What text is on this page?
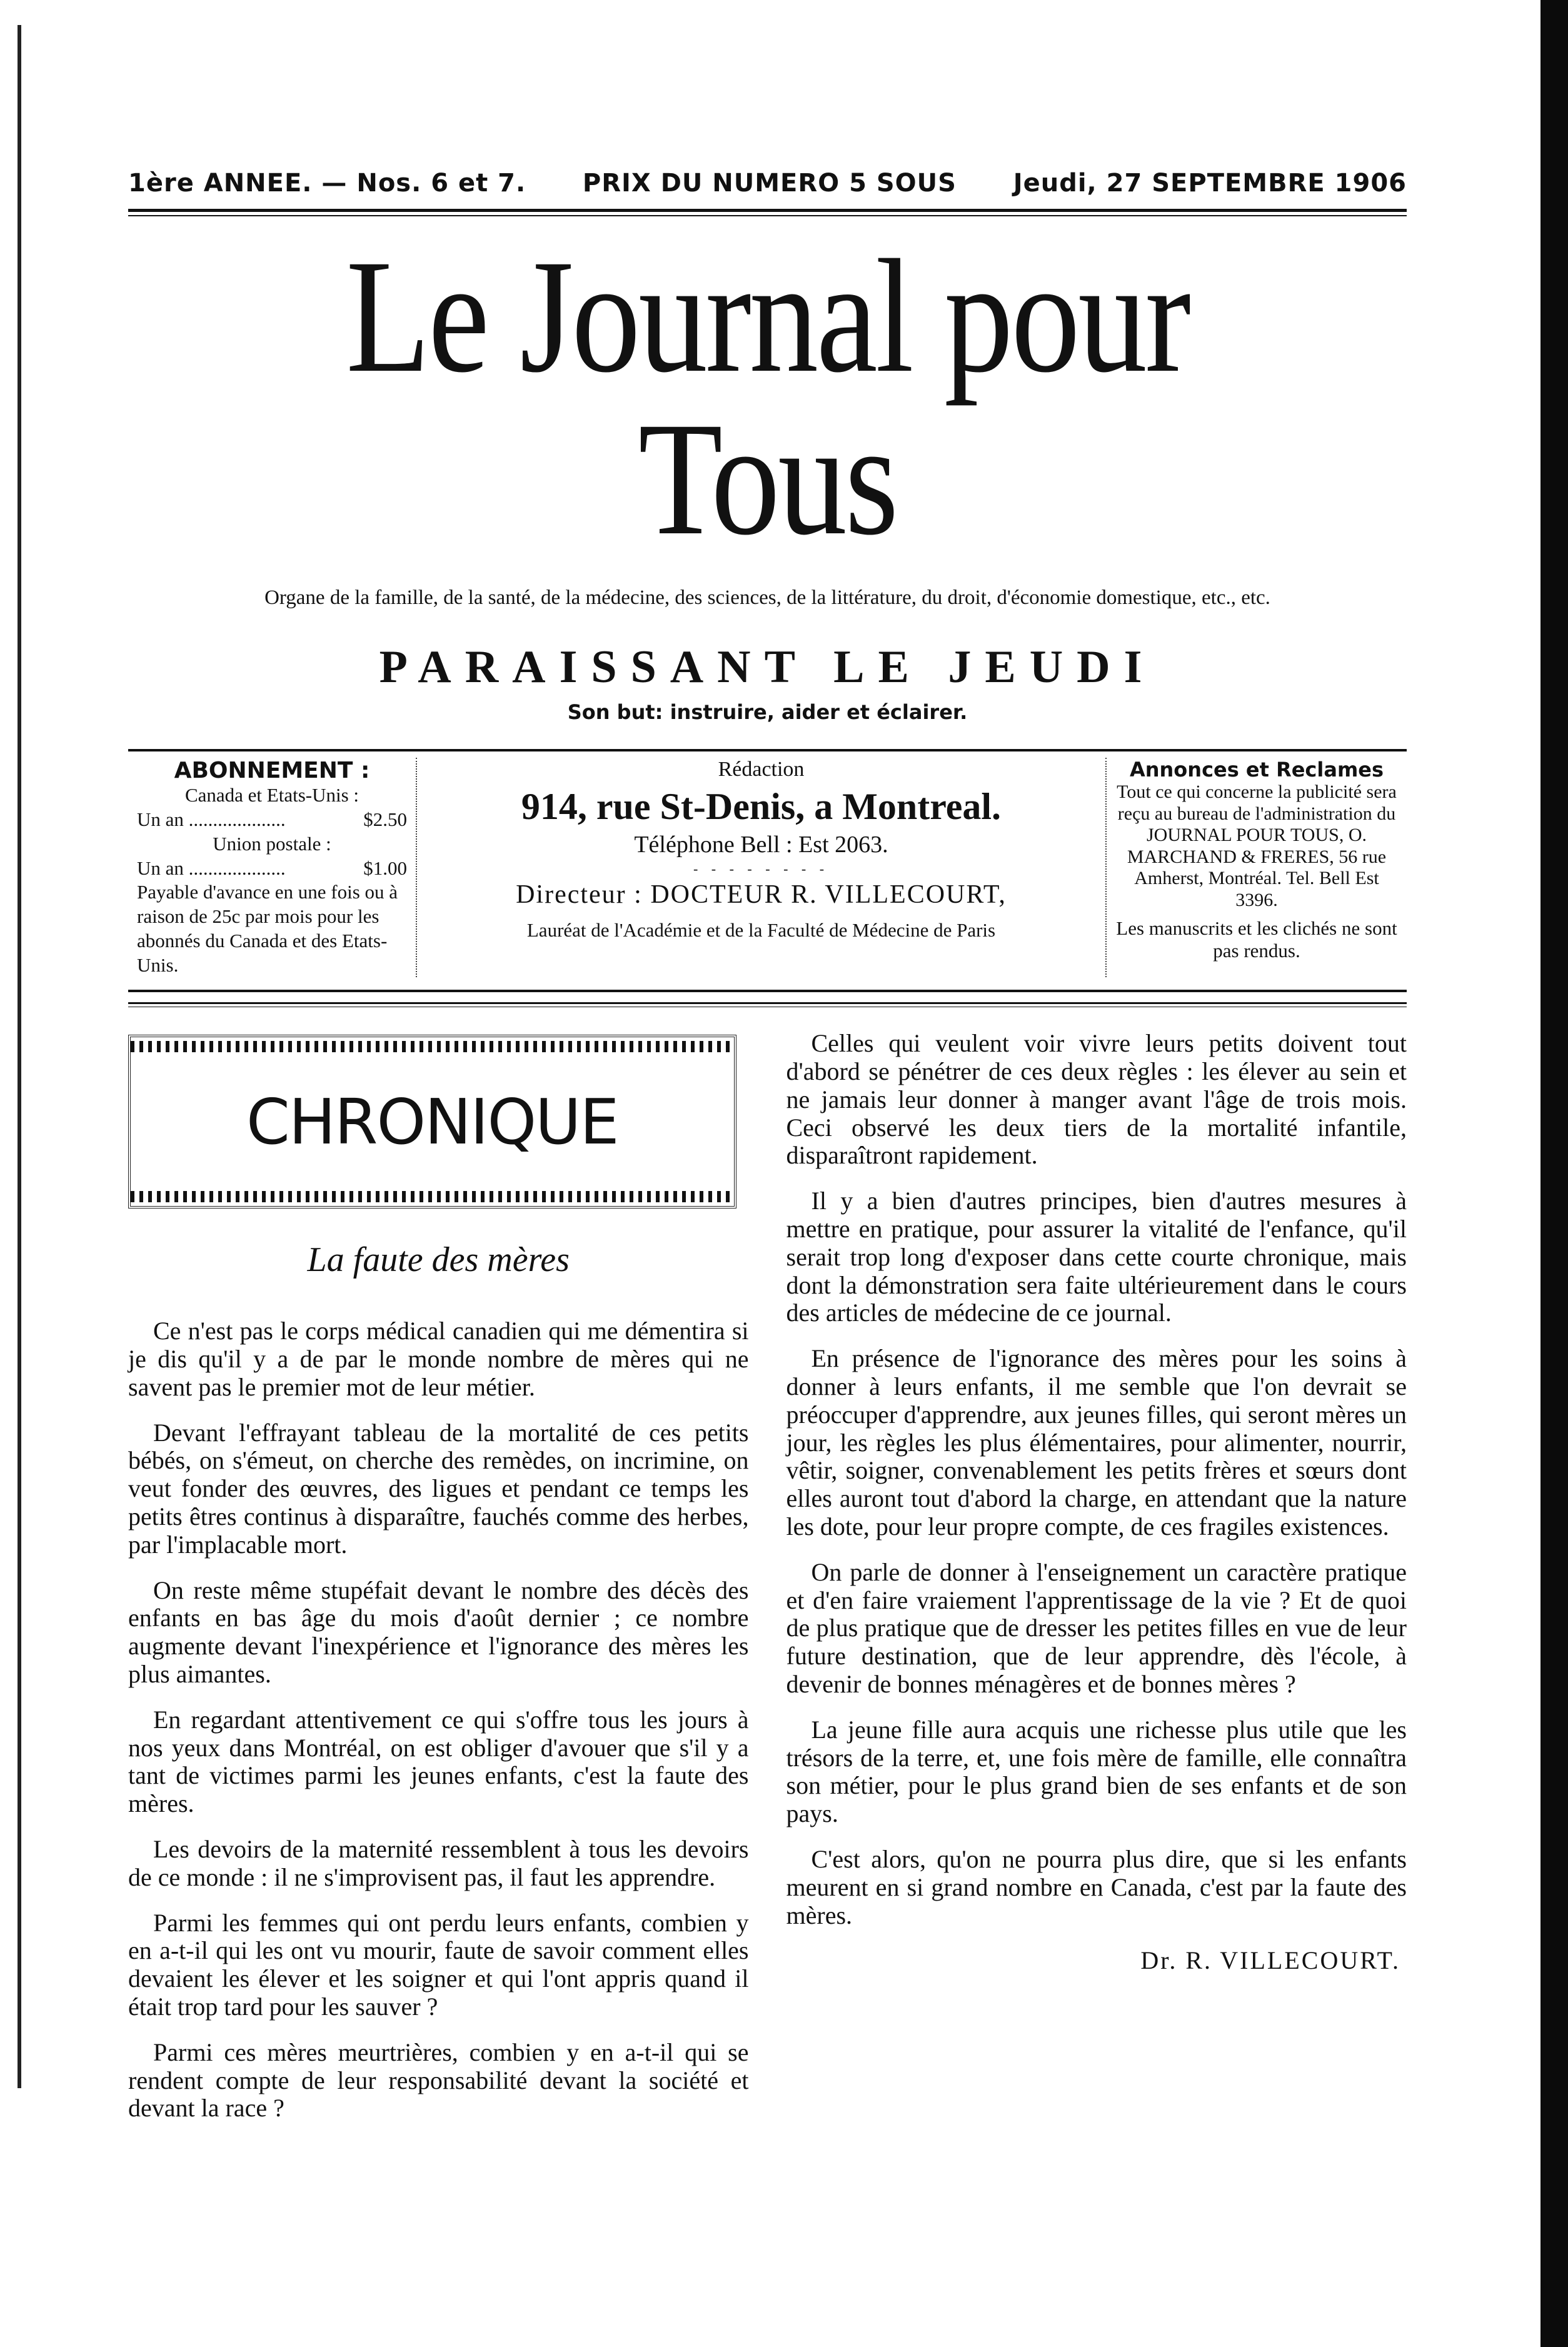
1ère ANNEE. — Nos. 6 et 7. PRIX DU NUMERO 5 SOUS Jeudi, 27 SEPTEMBRE 1906
Le Journal pour Tous
Organe de la famille, de la santé, de la médecine, des sciences, de la littérature, du droit, d'économie domestique, etc., etc.
PARAISSANT LE JEUDI
Son but: instruire, aider et éclairer.
ABONNEMENT :
Canada et Etats-Unis :
Un an ....................	$2.50
Union postale :
Un an ....................	$1.00
Payable d'avance en une fois ou à raison de 25c par mois pour les abonnés du Canada et des Etats-Unis.
Rédaction
914, rue St-Denis, a Montreal.
Téléphone Bell : Est 2063.
- - - - - - - -
Directeur : DOCTEUR R. VILLECOURT,
Lauréat de l'Académie et de la Faculté de Médecine de Paris
Annonces et Reclames
Tout ce qui concerne la publicité sera reçu au bureau de l'administration du JOURNAL POUR TOUS, O. MARCHAND & FRERES, 56 rue Amherst, Montréal. Tel. Bell Est 3396.
Les manuscrits et les clichés ne sont pas rendus.
CHRONIQUE
La faute des mères

Ce n'est pas le corps médical canadien qui me démentira si je dis qu'il y a de par le monde nombre de mères qui ne savent pas le premier mot de leur métier.

Devant l'effrayant tableau de la mortalité de ces petits bébés, on s'émeut, on cherche des remèdes, on incrimine, on veut fonder des œuvres, des ligues et pendant ce temps les petits êtres continus à disparaître, fauchés comme des herbes, par l'implacable mort.

On reste même stupéfait devant le nombre des décès des enfants en bas âge du mois d'août dernier ; ce nombre augmente devant l'inexpérience et l'ignorance des mères les plus aimantes.

En regardant attentivement ce qui s'offre tous les jours à nos yeux dans Montréal, on est obliger d'avouer que s'il y a tant de victimes parmi les jeunes enfants, c'est la faute des mères.

Les devoirs de la maternité ressemblent à tous les devoirs de ce monde : il ne s'improvisent pas, il faut les apprendre.

Parmi les femmes qui ont perdu leurs enfants, combien y en a-t-il qui les ont vu mourir, faute de savoir comment elles devaient les élever et les soigner et qui l'ont appris quand il était trop tard pour les sauver ?

Parmi ces mères meurtrières, combien y en a-t-il qui se rendent compte de leur responsabilité devant la société et devant la race ?

Celles qui veulent voir vivre leurs petits doivent tout d'abord se pénétrer de ces deux règles : les élever au sein et ne jamais leur donner à manger avant l'âge de trois mois. Ceci observé les deux tiers de la mortalité infantile, disparaîtront rapidement.

Il y a bien d'autres principes, bien d'autres mesures à mettre en pratique, pour assurer la vitalité de l'enfance, qu'il serait trop long d'exposer dans cette courte chronique, mais dont la démonstration sera faite ultérieurement dans le cours des articles de médecine de ce journal.

En présence de l'ignorance des mères pour les soins à donner à leurs enfants, il me semble que l'on devrait se préoccuper d'apprendre, aux jeunes filles, qui seront mères un jour, les règles les plus élémentaires, pour alimenter, nourrir, vêtir, soigner, convenablement les petits frères et sœurs dont elles auront tout d'abord la charge, en attendant que la nature les dote, pour leur propre compte, de ces fragiles existences.

On parle de donner à l'enseignement un caractère pratique et d'en faire vraiement l'apprentissage de la vie ? Et de quoi de plus pratique que de dresser les petites filles en vue de leur future destination, que de leur apprendre, dès l'école, à devenir de bonnes ménagères et de bonnes mères ?

La jeune fille aura acquis une richesse plus utile que les trésors de la terre, et, une fois mère de famille, elle connaîtra son métier, pour le plus grand bien de ses enfants et de son pays.

C'est alors, qu'on ne pourra plus dire, que si les enfants meurent en si grand nombre en Canada, c'est par la faute des mères.

Dr. R. VILLECOURT.
